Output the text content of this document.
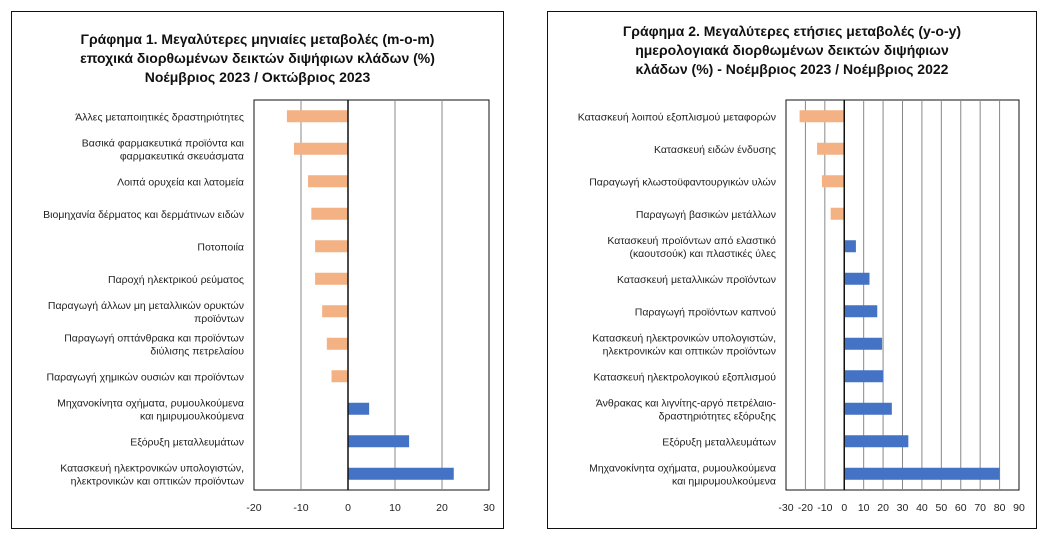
Γράφημα 1. Μεγαλύτερες μηνιαίες μεταβολές (m-o-m)
εποχικά διορθωμένων δεικτών διψήφιων κλάδων (%)
Νοέμβριος 2023 / Οκτώβριος 2023
Γράφημα 2. Μεγαλύτερες ετήσιες μεταβολές (y-o-y)
ημερολογιακά διορθωμένων δεικτών διψήφιων
κλάδων (%) - Νοέμβριος 2023 / Νοέμβριος 2022
-20	-10	0	10	20	30
Άλλες μεταποιητικές δραστηριότητες
Βασικά φαρμακευτικά προϊόντα και φαρμακευτικά σκευάσματα
Λοιπά ορυχεία και λατομεία
Βιομηχανία δέρματος και δερμάτινων ειδών
Ποτοποιία
Παροχή ηλεκτρικού ρεύματος
Παραγωγή άλλων μη μεταλλικών ορυκτών προϊόντων
Παραγωγή οπτάνθρακα και προϊόντων διύλισης πετρελαίου
Παραγωγή χημικών ουσιών και προϊόντων
Μηχανοκίνητα οχήματα, ρυμουλκούμενα και ημιρυμουλκούμενα
Εξόρυξη μεταλλευμάτων
Κατασκευή ηλεκτρονικών υπολογιστών, ηλεκτρονικών και οπτικών προϊόντων
-30 -20 -10 0 10 20 30 40 50 60 70 80 90
Κατασκευή λοιπού εξοπλισμού μεταφορών
Κατασκευή ειδών ένδυσης
Παραγωγή κλωστοϋφαντουργικών υλών
Παραγωγή βασικών μετάλλων
Κατασκευή προϊόντων από ελαστικό (καουτσούκ) και πλαστικές ύλες
Κατασκευή μεταλλικών προϊόντων
Παραγωγή προϊόντων καπνού
Κατασκευή ηλεκτρονικών υπολογιστών, ηλεκτρονικών και οπτικών προϊόντων
Κατασκευή ηλεκτρολογικού εξοπλισμού
Άνθρακας και λιγνίτης-αργό πετρέλαιο-δραστηριότητες εξόρυξης
Εξόρυξη μεταλλευμάτων
Μηχανοκίνητα οχήματα, ρυμουλκούμενα και ημιρυμουλκούμενα
